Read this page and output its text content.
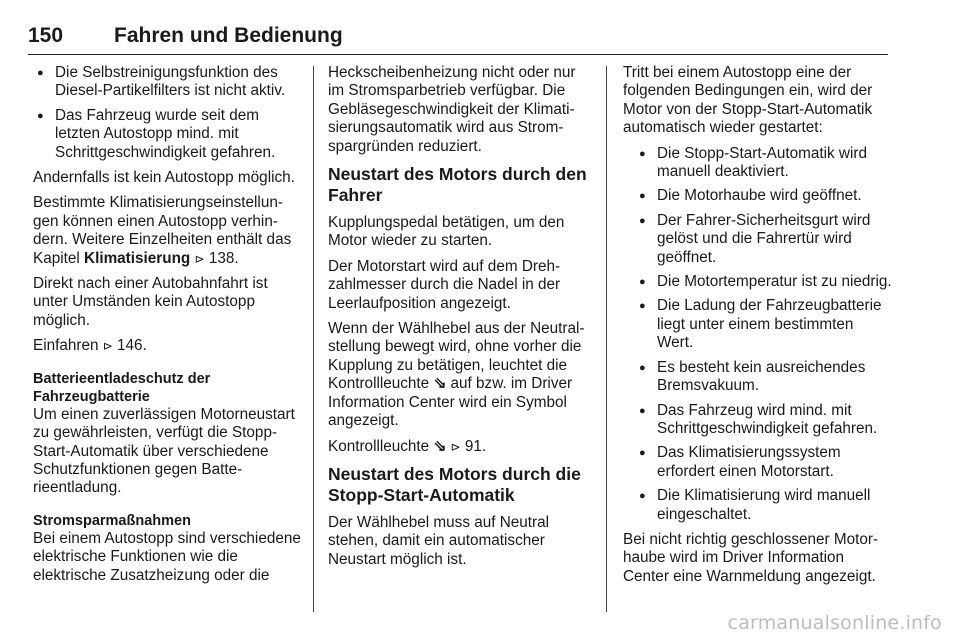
150 Fahren und Bedienung
● Die Selbstreinigungsfunktion des Diesel-Partikelfilters ist nicht aktiv.
● Das Fahrzeug wurde seit dem letzten Autostopp mind. mit Schrittgeschwindigkeit gefahren.

Andernfalls ist kein Autostopp möglich.

Bestimmte Klimatisierungseinstellungen können einen Autostopp verhindern. Weitere Einzelheiten enthält das Kapitel Klimatisierung ⊳ 138.

Direkt nach einer Autobahnfahrt ist unter Umständen kein Autostopp möglich.

Einfahren ⊳ 146.

Batterieentladeschutz der Fahrzeugbatterie

Um einen zuverlässigen Motorneustart zu gewährleisten, verfügt die Stopp-Start-Automatik über verschiedene Schutzfunktionen gegen Batterieentladung.

Stromsparmaßnahmen

Bei einem Autostopp sind verschiedene elektrische Funktionen wie die elektrische Zusatzheizung oder die

Heckscheibenheizung nicht oder nur im Stromsparbetrieb verfügbar. Die Gebläsegeschwindigkeit der Klimatisierungsautomatik wird aus Stromspargründen reduziert.

Neustart des Motors durch den Fahrer

Kupplungspedal betätigen, um den Motor wieder zu starten.

Der Motorstart wird auf dem Drehzahlmesser durch die Nadel in der Leerlaufposition angezeigt.

Wenn der Wählhebel aus der Neutralstellung bewegt wird, ohne vorher die Kupplung zu betätigen, leuchtet die Kontrollleuchte ⇘ auf bzw. im Driver Information Center wird ein Symbol angezeigt.

Kontrollleuchte ⇘ ⊳ 91.

Neustart des Motors durch die Stopp-Start-Automatik

Der Wählhebel muss auf Neutral stehen, damit ein automatischer Neustart möglich ist.

Tritt bei einem Autostopp eine der folgenden Bedingungen ein, wird der Motor von der Stopp-Start-Automatik automatisch wieder gestartet:

● Die Stopp-Start-Automatik wird manuell deaktiviert.
● Die Motorhaube wird geöffnet.
● Der Fahrer-Sicherheitsgurt wird gelöst und die Fahrertür wird geöffnet.
● Die Motortemperatur ist zu niedrig.
● Die Ladung der Fahrzeugbatterie liegt unter einem bestimmten Wert.
● Es besteht kein ausreichendes Bremsvakuum.
● Das Fahrzeug wird mind. mit Schrittgeschwindigkeit gefahren.
● Das Klimatisierungssystem erfordert einen Motorstart.
● Die Klimatisierung wird manuell eingeschaltet.

Bei nicht richtig geschlossener Motorhaube wird im Driver Information Center eine Warnmeldung angezeigt.

carmanualsonline.info
